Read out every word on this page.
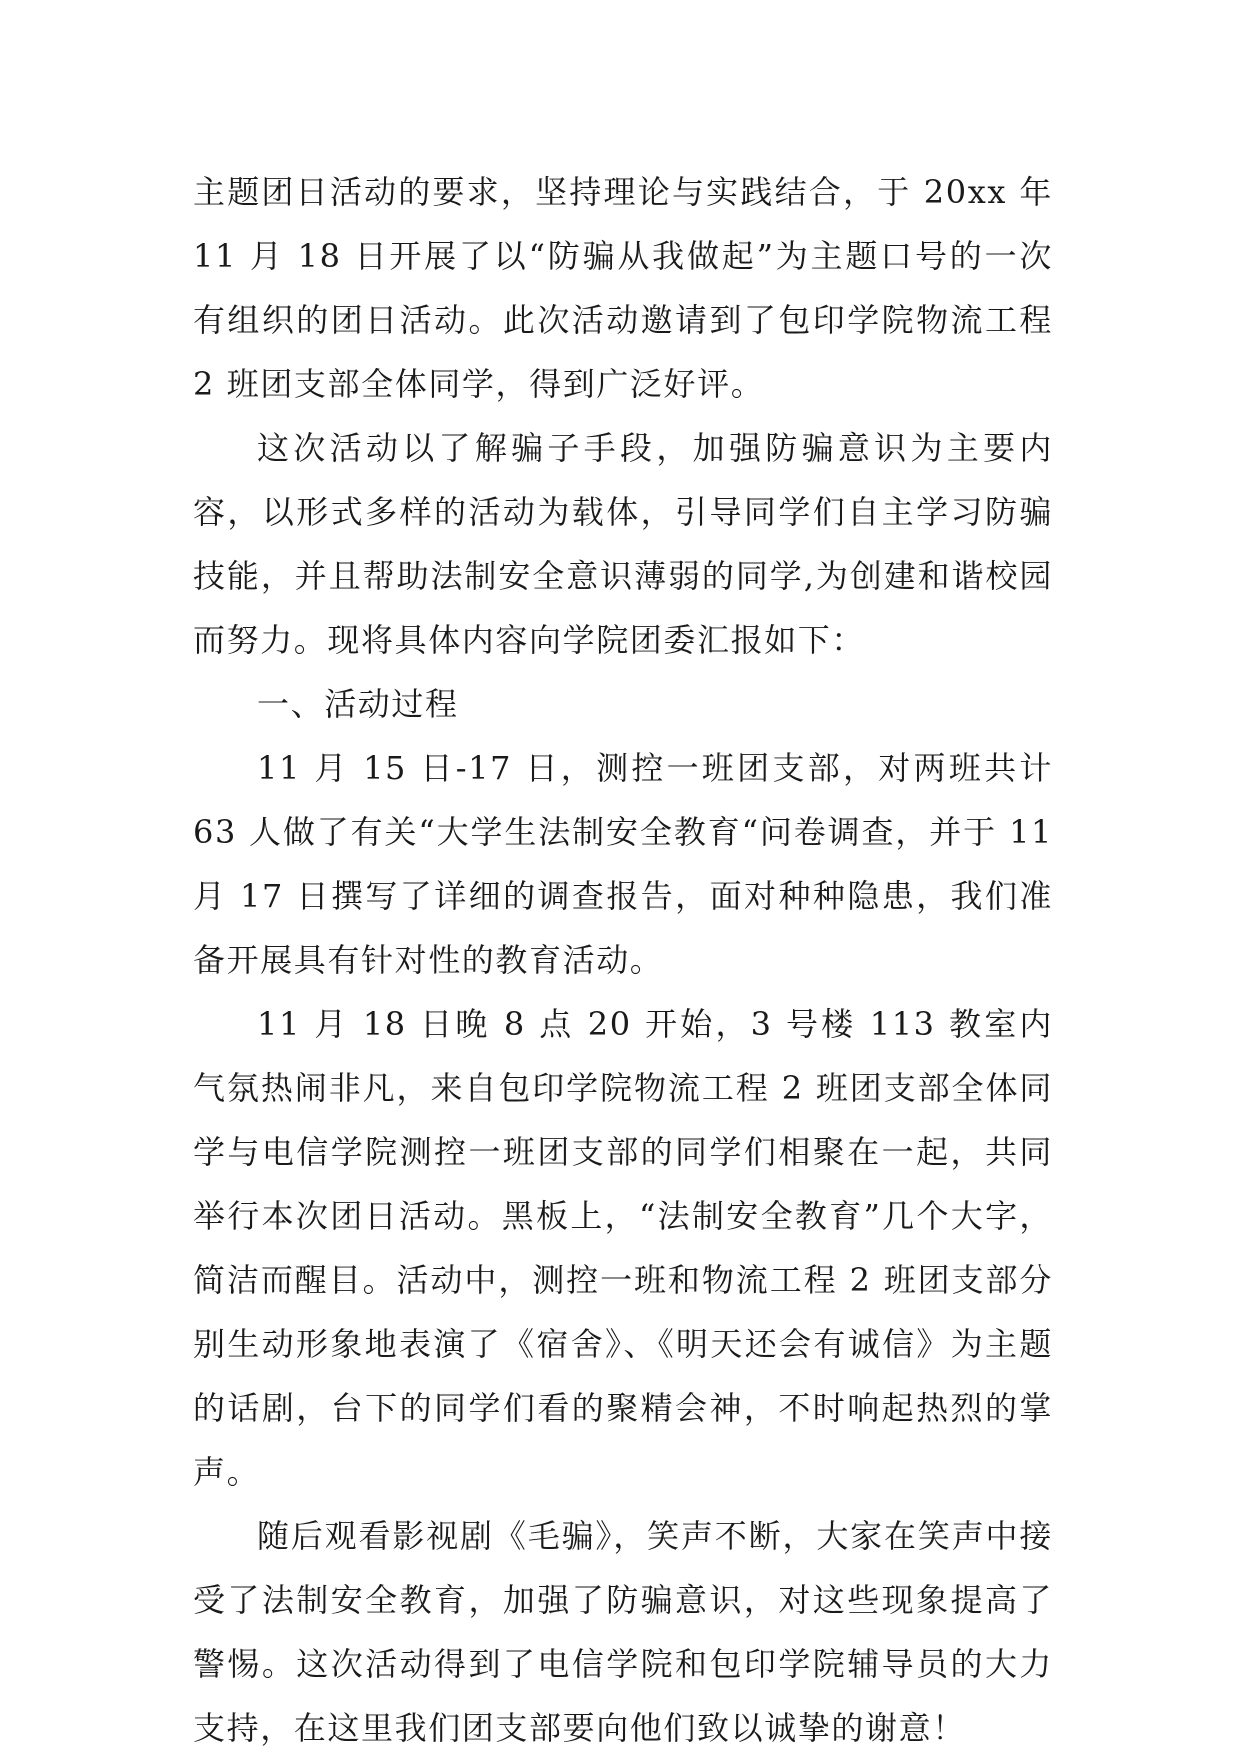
主题团日活动的要求，坚持理论与实践结合，于 20xx 年 11 月 18 日开展了以“防骗从我做起”为主题口号的一次有组织的团日活动。此次活动邀请到了包印学院物流工程 2 班团支部全体同学，得到广泛好评。

这次活动以了解骗子手段，加强防骗意识为主要内容，以形式多样的活动为载体，引导同学们自主学习防骗技能，并且帮助法制安全意识薄弱的同学,为创建和谐校园而努力。现将具体内容向学院团委汇报如下：

一、活动过程

11 月 15 日-17 日，测控一班团支部，对两班共计 63 人做了有关“大学生法制安全教育“问卷调查，并于 11 月 17 日撰写了详细的调查报告，面对种种隐患，我们准备开展具有针对性的教育活动。

11 月 18 日晚 8 点 20 开始，3 号楼 113 教室内气氛热闹非凡，来自包印学院物流工程 2 班团支部全体同学与电信学院测控一班团支部的同学们相聚在一起，共同举行本次团日活动。黑板上，“法制安全教育”几个大字，简洁而醒目。活动中，测控一班和物流工程 2 班团支部分别生动形象地表演了《宿舍》、《明天还会有诚信》为主题的话剧，台下的同学们看的聚精会神，不时响起热烈的掌声。

随后观看影视剧《毛骗》，笑声不断，大家在笑声中接受了法制安全教育，加强了防骗意识，对这些现象提高了警惕。这次活动得到了电信学院和包印学院辅导员的大力支持，在这里我们团支部要向他们致以诚挚的谢意！
